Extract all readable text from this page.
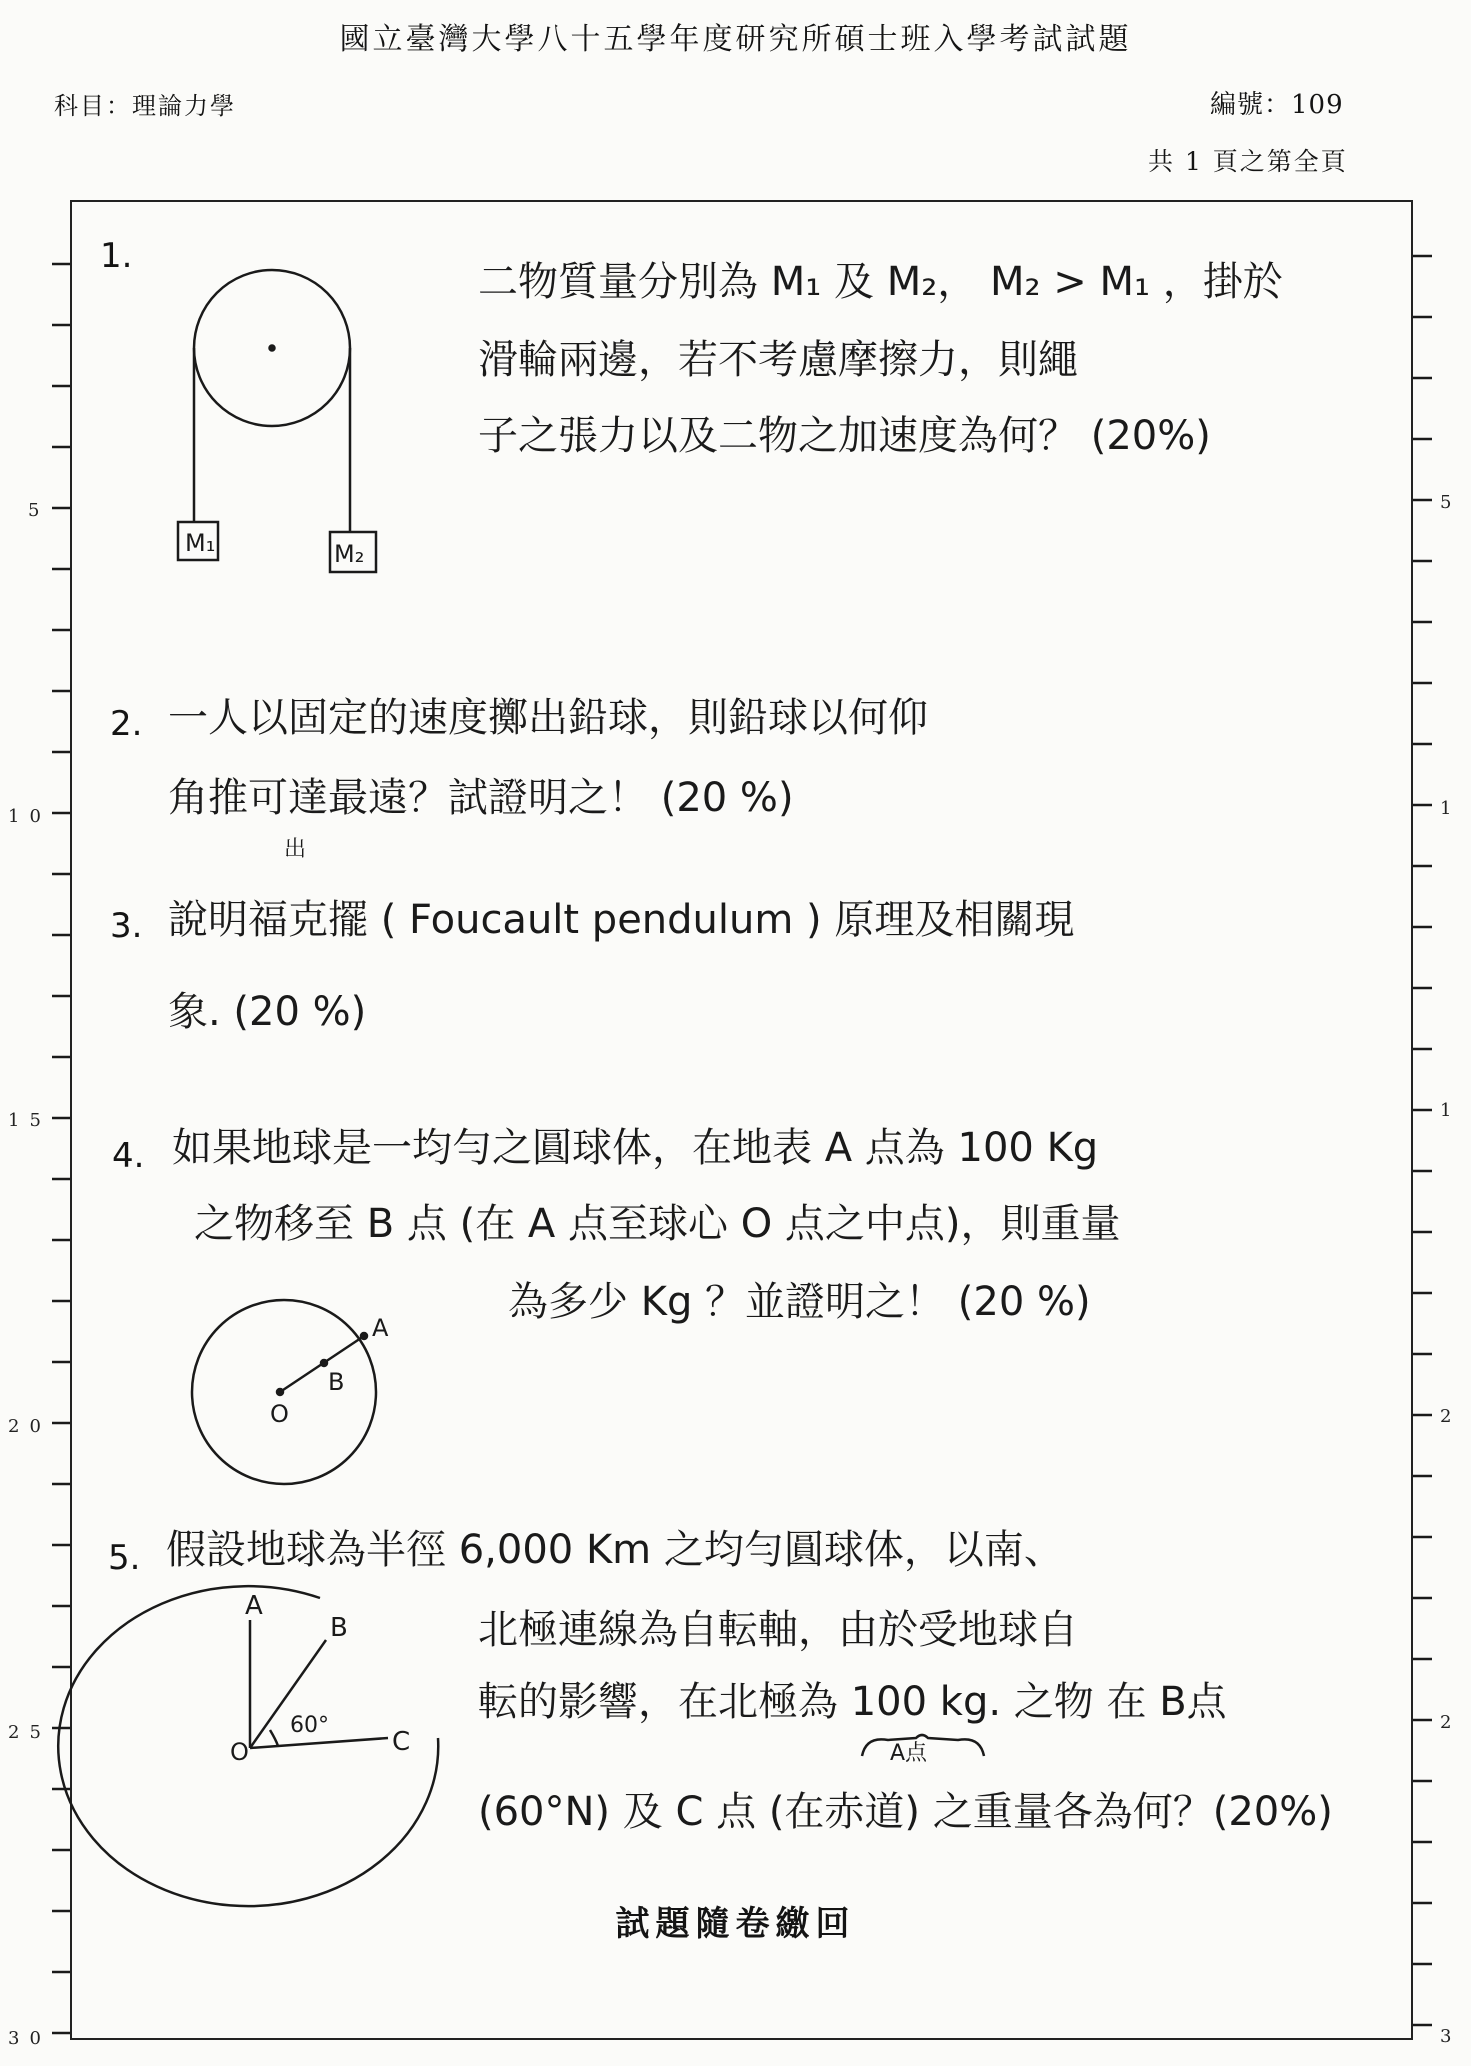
國立臺灣大學八十五學年度研究所碩士班入學考試試題
科目：理論力學	編號：109
共 1 頁之第全頁
5
10
15
20
25
30
5
1
1
2
2
3
1.
M₁	M₂
二物質量分別為 M₁ 及 M₂， M₂ > M₁ ，掛於
滑輪兩邊，若不考慮摩擦力，則繩
子之張力以及二物之加速度為何？ (20%)
2. 一人以固定的速度擲出鉛球，則鉛球以何仰
角推可達最遠？試證明之！ (20 %)
出
3. 說明福克擺 ( Foucault pendulum ) 原理及相關現
象. (20 %)
4. 如果地球是一均勻之圓球体，在地表 A 点為 100 Kg
之物移至 B 点 (在 A 点至球心 O 点之中点)，則重量
為多少 Kg ？並證明之！ (20 %)
A
B
O
5. 假設地球為半徑 6,000 Km 之均勻圓球体，以南、
北極連線為自転軸，由於受地球自
転的影響，在北極為 100 kg. 之物 在 B点
A点
(60°N) 及 C 点 (在赤道) 之重量各為何？(20%)
A
B
C
O
60°
試題隨卷繳回
